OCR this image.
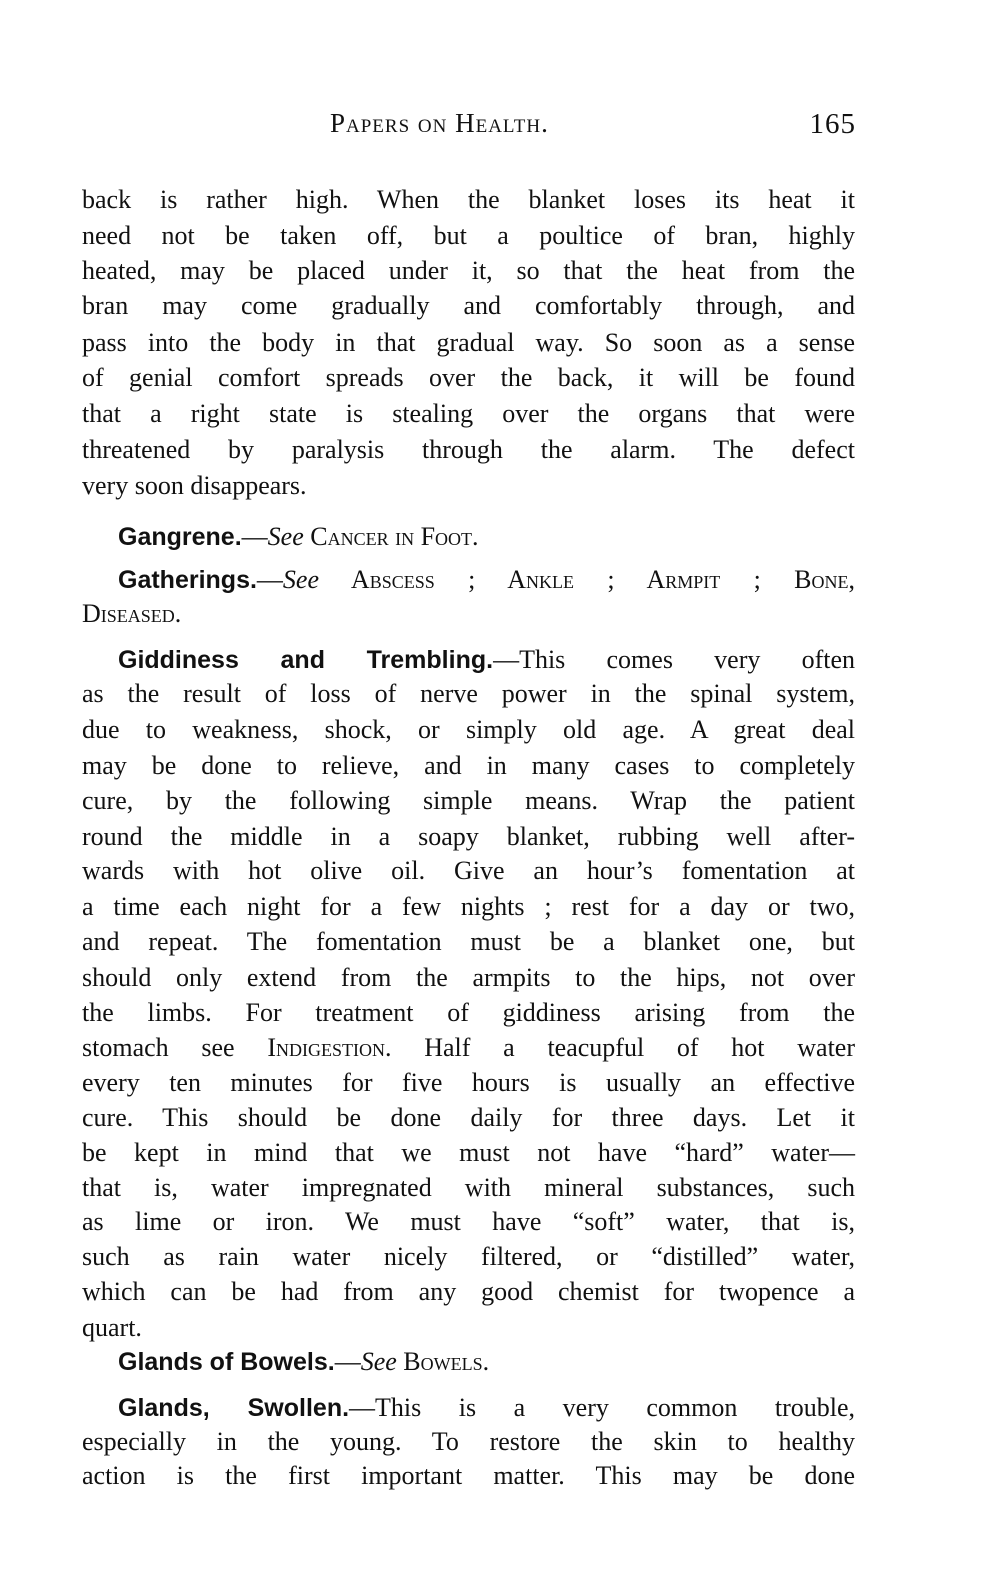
Papers on Health.	165
back is rather high. When the blanket loses its heat it
need not be taken off, but a poultice of bran, highly
heated, may be placed under it, so that the heat from the
bran may come gradually and comfortably through, and
pass into the body in that gradual way. So soon as a sense
of genial comfort spreads over the back, it will be found
that a right state is stealing over the organs that were
threatened by paralysis through the alarm. The defect
very soon disappears.
Gangrene.—See Cancer in Foot.
Gatherings.—See Abscess ; Ankle ; Armpit ; Bone,
Diseased.
Giddiness and Trembling.—This comes very often
as the result of loss of nerve power in the spinal system,
due to weakness, shock, or simply old age. A great deal
may be done to relieve, and in many cases to completely
cure, by the following simple means. Wrap the patient
round the middle in a soapy blanket, rubbing well after-
wards with hot olive oil. Give an hour’s fomentation at
a time each night for a few nights ; rest for a day or two,
and repeat. The fomentation must be a blanket one, but
should only extend from the armpits to the hips, not over
the limbs. For treatment of giddiness arising from the
stomach see Indigestion. Half a teacupful of hot water
every ten minutes for five hours is usually an effective
cure. This should be done daily for three days. Let it
be kept in mind that we must not have “hard” water—
that is, water impregnated with mineral substances, such
as lime or iron. We must have “soft” water, that is,
such as rain water nicely filtered, or “distilled” water,
which can be had from any good chemist for twopence a
quart.
Glands of Bowels.—See Bowels.
Glands, Swollen.—This is a very common trouble,
especially in the young. To restore the skin to healthy
action is the first important matter. This may be done
